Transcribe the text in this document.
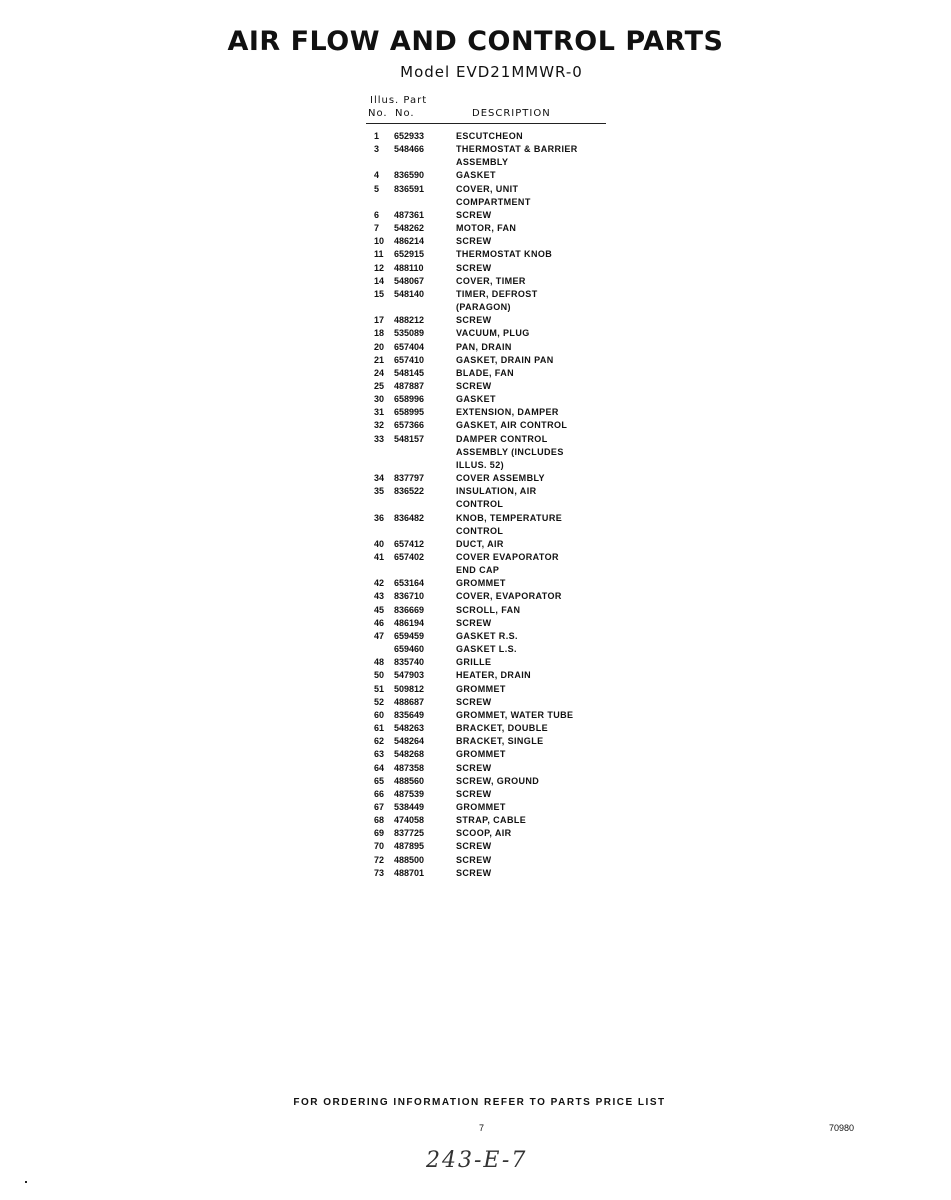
AIR FLOW AND CONTROL PARTS
Model EVD21MMWR-0
Illus. Part
No. No.	DESCRIPTION
1	652933	ESCUTCHEON
3	548466	THERMOSTAT & BARRIER
ASSEMBLY
4	836590	GASKET
5	836591	COVER, UNIT
COMPARTMENT
6	487361	SCREW
7	548262	MOTOR, FAN
10	486214	SCREW
11	652915	THERMOSTAT KNOB
12	488110	SCREW
14	548067	COVER, TIMER
15	548140	TIMER, DEFROST
(PARAGON)
17	488212	SCREW
18	535089	VACUUM, PLUG
20	657404	PAN, DRAIN
21	657410	GASKET, DRAIN PAN
24	548145	BLADE, FAN
25	487887	SCREW
30	658996	GASKET
31	658995	EXTENSION, DAMPER
32	657366	GASKET, AIR CONTROL
33	548157	DAMPER CONTROL
ASSEMBLY (INCLUDES
ILLUS. 52)
34	837797	COVER ASSEMBLY
35	836522	INSULATION, AIR
CONTROL
36	836482	KNOB, TEMPERATURE
CONTROL
40	657412	DUCT, AIR
41	657402	COVER EVAPORATOR
END CAP
42	653164	GROMMET
43	836710	COVER, EVAPORATOR
45	836669	SCROLL, FAN
46	486194	SCREW
47	659459	GASKET R.S.
659460	GASKET L.S.
48	835740	GRILLE
50	547903	HEATER, DRAIN
51	509812	GROMMET
52	488687	SCREW
60	835649	GROMMET, WATER TUBE
61	548263	BRACKET, DOUBLE
62	548264	BRACKET, SINGLE
63	548268	GROMMET
64	487358	SCREW
65	488560	SCREW, GROUND
66	487539	SCREW
67	538449	GROMMET
68	474058	STRAP, CABLE
69	837725	SCOOP, AIR
70	487895	SCREW
72	488500	SCREW
73	488701	SCREW
FOR ORDERING INFORMATION REFER TO PARTS PRICE LIST
7	70980
243-E-7
